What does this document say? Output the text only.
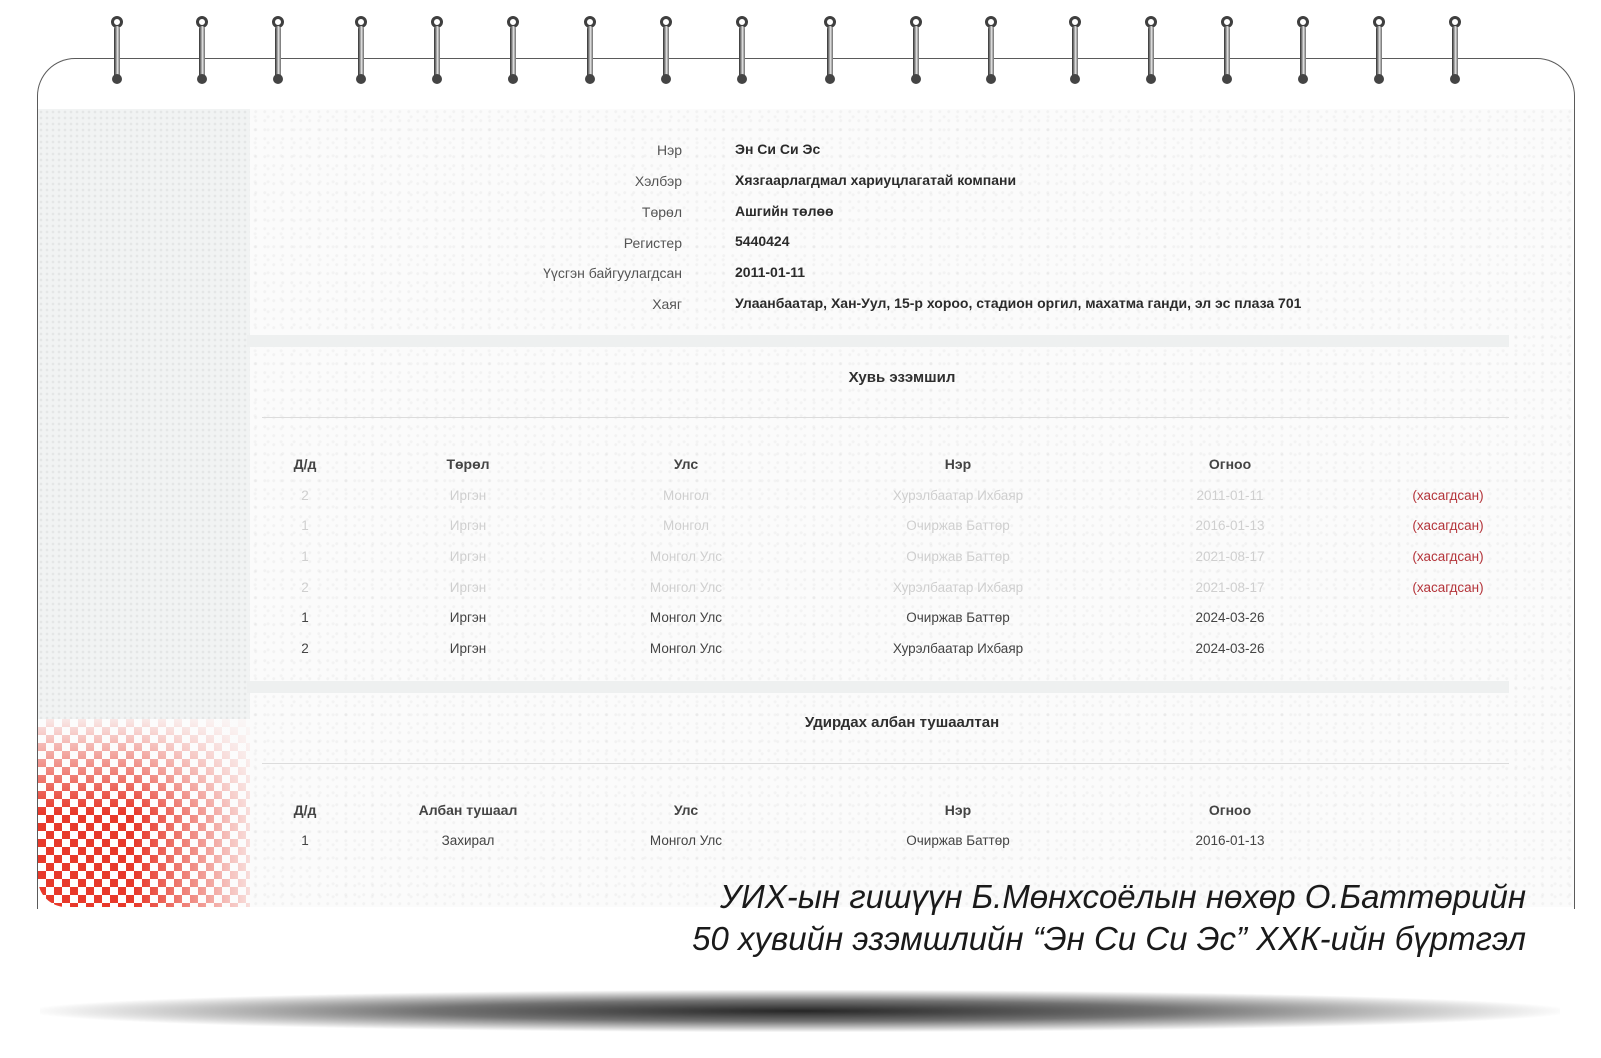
Нэр	Эн Си Си Эс
Хэлбэр	Хязгаарлагдмал хариуцлагатай компани
Төрөл	Ашгийн төлөө
Регистер	5440424
Үүсгэн байгуулагдсан	2011-01-11
Хаяг	Улаанбаатар, Хан-Уул, 15-р хороо, стадион оргил, махатма ганди, эл эс плаза 701
Хувь эзэмшил
Д/д	Төрөл	Улс	Нэр	Огноо
2	Иргэн	Монгол	Хурэлбаатар Ихбаяр	2011-01-11	(хасагдсан)
1	Иргэн	Монгол	Очиржав Баттөр	2016-01-13	(хасагдсан)
1	Иргэн	Монгол Улс	Очиржав Баттөр	2021-08-17	(хасагдсан)
2	Иргэн	Монгол Улс	Хурэлбаатар Ихбаяр	2021-08-17	(хасагдсан)
1	Иргэн	Монгол Улс	Очиржав Баттөр	2024-03-26
2	Иргэн	Монгол Улс	Хурэлбаатар Ихбаяр	2024-03-26
Удирдах албан тушаалтан
Д/д	Албан тушаал	Улс	Нэр	Огноо
1	Захирал	Монгол Улс	Очиржав Баттөр	2016-01-13
УИХ-ын гишүүн Б.Мөнхсоёлын нөхөр О.Баттөрийн
50 хувийн эзэмшлийн “Эн Си Си Эс” ХХК-ийн бүртгэл
